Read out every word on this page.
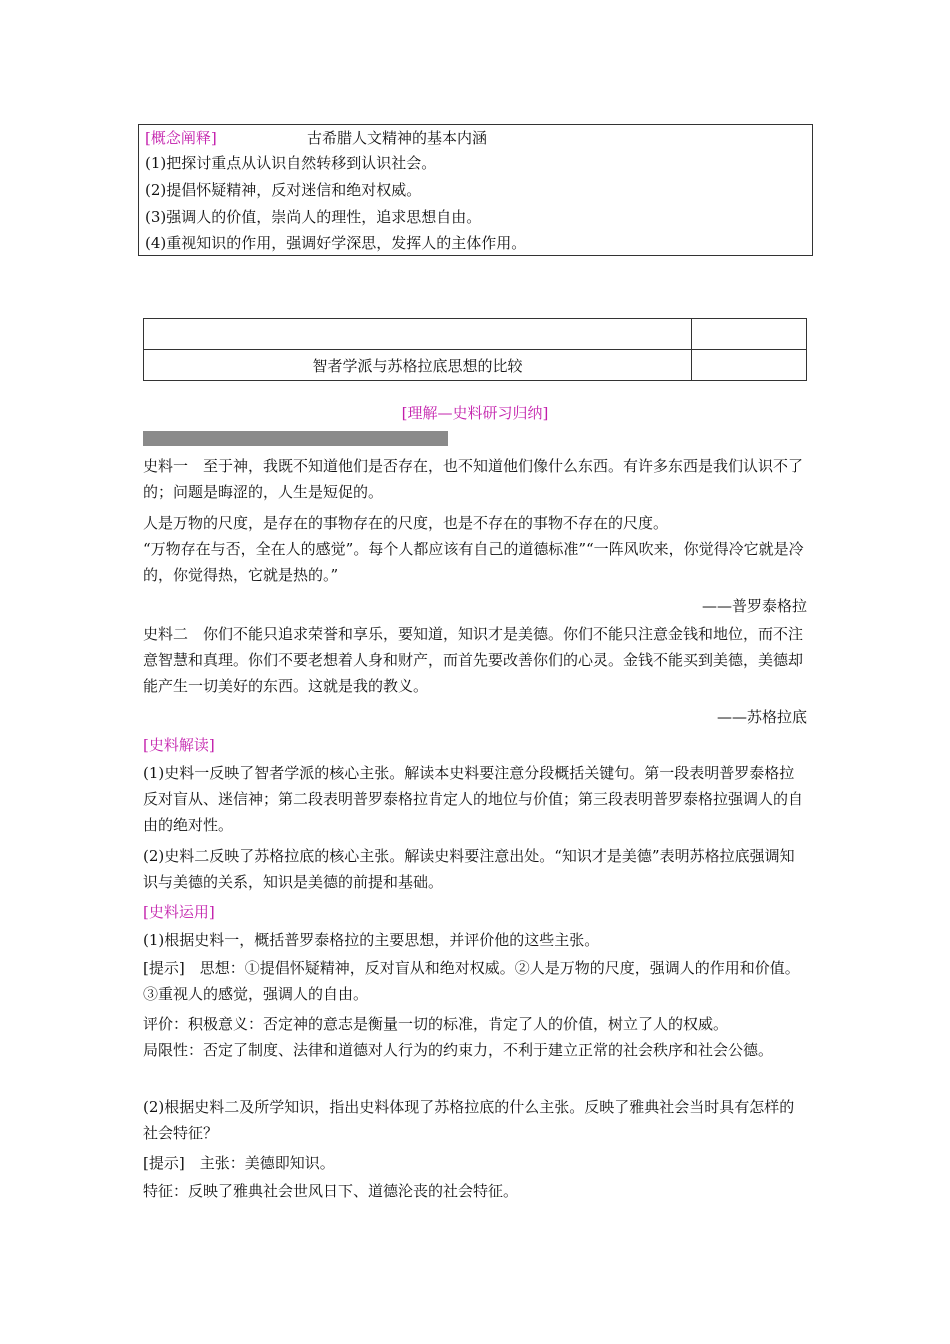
[概念阐释]	古希腊人文精神的基本内涵
(1)把探讨重点从认识自然转移到认识社会。
(2)提倡怀疑精神，反对迷信和绝对权威。
(3)强调人的价值，崇尚人的理性，追求思想自由。
(4)重视知识的作用，强调好学深思，发挥人的主体作用。

智者学派与苏格拉底思想的比较	
[理解—史料研习归纳]
史料一　至于神，我既不知道他们是否存在，也不知道他们像什么东西。有许多东西是我们认识不了的；问题是晦涩的，人生是短促的。
人是万物的尺度，是存在的事物存在的尺度，也是不存在的事物不存在的尺度。
“万物存在与否，全在人的感觉”。每个人都应该有自己的道德标准”“一阵风吹来，你觉得冷它就是冷的，你觉得热，它就是热的。”
——普罗泰格拉
史料二　你们不能只追求荣誉和享乐，要知道，知识才是美德。你们不能只注意金钱和地位，而不注意智慧和真理。你们不要老想着人身和财产，而首先要改善你们的心灵。金钱不能买到美德，美德却能产生一切美好的东西。这就是我的教义。
——苏格拉底
[史料解读]
(1)史料一反映了智者学派的核心主张。解读本史料要注意分段概括关键句。第一段表明普罗泰格拉反对盲从、迷信神；第二段表明普罗泰格拉肯定人的地位与价值；第三段表明普罗泰格拉强调人的自由的绝对性。
(2)史料二反映了苏格拉底的核心主张。解读史料要注意出处。“知识才是美德”表明苏格拉底强调知识与美德的关系，知识是美德的前提和基础。
[史料运用]
(1)根据史料一，概括普罗泰格拉的主要思想，并评价他的这些主张。
[提示]　思想：①提倡怀疑精神，反对盲从和绝对权威。②人是万物的尺度，强调人的作用和价值。③重视人的感觉，强调人的自由。
评价：积极意义：否定神的意志是衡量一切的标准，肯定了人的价值，树立了人的权威。
局限性：否定了制度、法律和道德对人行为的约束力，不利于建立正常的社会秩序和社会公德。
(2)根据史料二及所学知识，指出史料体现了苏格拉底的什么主张。反映了雅典社会当时具有怎样的社会特征？
[提示]　主张：美德即知识。
特征：反映了雅典社会世风日下、道德沦丧的社会特征。
